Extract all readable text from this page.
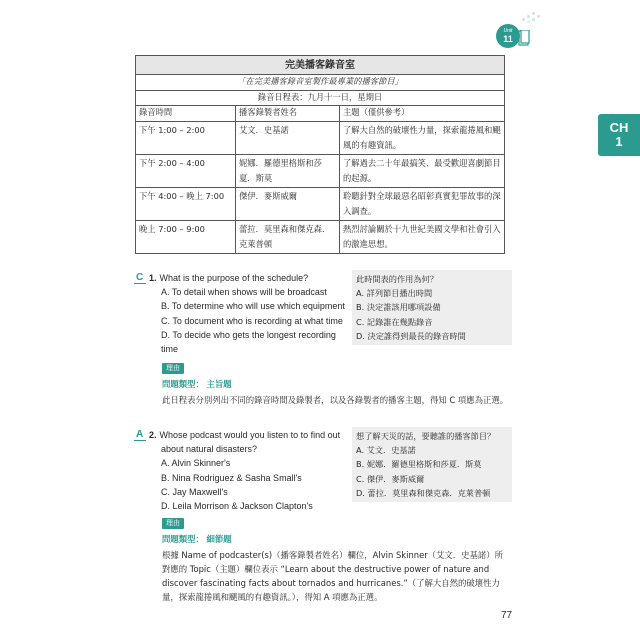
Unit
11
CH
1
完美播客錄音室		
「在完美播客錄音室製作最專業的播客節目」		
錄音日程表：九月十一日，星期日		
錄音時間	播客錄製者姓名	主題（僅供參考）
下午 1:00 – 2:00	艾文．史基諾	了解大自然的破壞性力量，探索龍捲風和颶風的有趣資訊。
下午 2:00 – 4:00	妮娜．羅德里格斯和莎夏．斯莫	了解過去二十年最搞笑、最受歡迎喜劇節目的起源。
下午 4:00 – 晚上 7:00	傑伊．麥斯威爾	聆聽針對全球最惡名昭彰真實犯罪故事的深入調查。
晚上 7:00 – 9:00	蕾拉．莫里森和傑克森．克萊普頓	熱烈討論關於十九世紀美國文學和社會引入的激進思想。
C 1. What is the purpose of the schedule?
A. To detail when shows will be broadcast
B. To determine who will use which equipment
C. To document who is recording at what time
D. To decide who gets the longest recording time
此時間表的作用為何？
A. 詳列節目播出時間
B. 決定誰該用哪項設備
C. 記錄誰在幾點錄音
D. 決定誰得到最長的錄音時間
理由
問題類型： 主旨題
此日程表分別列出不同的錄音時間及錄製者，以及各錄製者的播客主題，得知 C 項應為正選。
A 2. Whose podcast would you listen to to find out about natural disasters?
A. Alvin Skinner's
B. Nina Rodriguez & Sasha Small's
C. Jay Maxwell's
D. Leila Morrison & Jackson Clapton's
想了解天災的話，要聽誰的播客節目？
A. 艾文．史基諾
B. 妮娜．羅德里格斯和莎夏．斯莫
C. 傑伊．麥斯威爾
D. 蕾拉．莫里森和傑克森．克萊普頓
理由
問題類型： 細節題
根據 Name of podcaster(s)（播客錄製者姓名）欄位，Alvin Skinner（艾文．史基諾）所對應的 Topic（主題）欄位表示 “Learn about the destructive power of nature and discover fascinating facts about tornados and hurricanes.”（了解大自然的破壞性力量，探索龍捲風和颶風的有趣資訊。），得知 A 項應為正選。
77
